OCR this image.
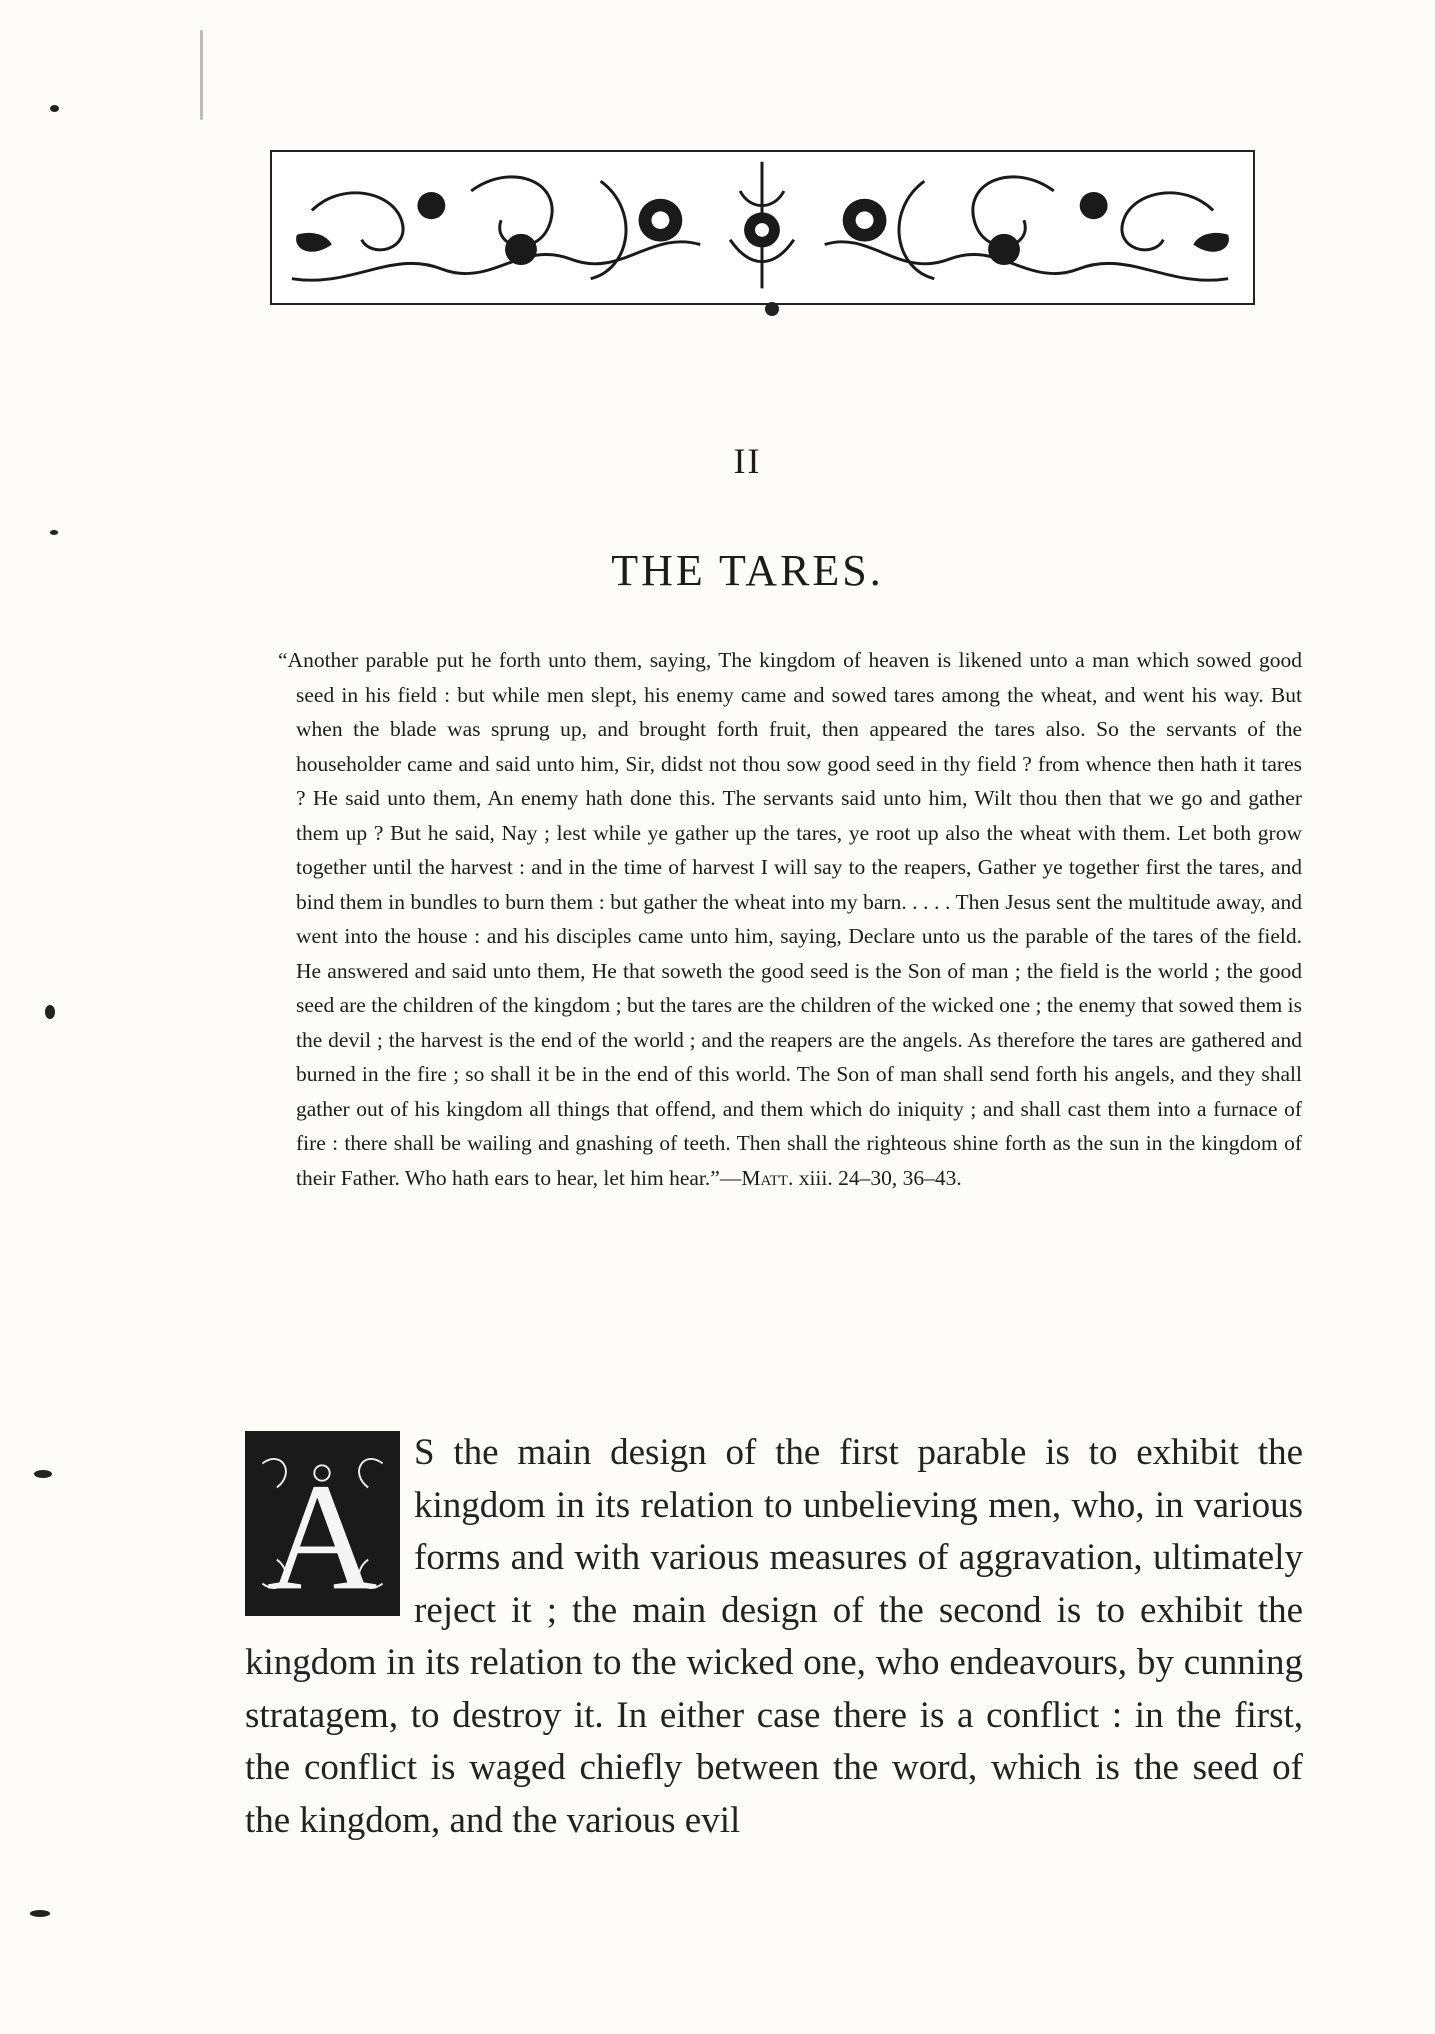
II
THE TARES.
“Another parable put he forth unto them, saying, The kingdom of heaven is likened unto a man which sowed good seed in his field : but while men slept, his enemy came and sowed tares among the wheat, and went his way. But when the blade was sprung up, and brought forth fruit, then appeared the tares also. So the servants of the householder came and said unto him, Sir, didst not thou sow good seed in thy field ? from whence then hath it tares ? He said unto them, An enemy hath done this. The servants said unto him, Wilt thou then that we go and gather them up ? But he said, Nay ; lest while ye gather up the tares, ye root up also the wheat with them. Let both grow together until the harvest : and in the time of harvest I will say to the reapers, Gather ye together first the tares, and bind them in bundles to burn them : but gather the wheat into my barn. . . . . Then Jesus sent the multitude away, and went into the house : and his disciples came unto him, saying, Declare unto us the parable of the tares of the field. He answered and said unto them, He that soweth the good seed is the Son of man ; the field is the world ; the good seed are the children of the kingdom ; but the tares are the children of the wicked one ; the enemy that sowed them is the devil ; the harvest is the end of the world ; and the reapers are the angels. As therefore the tares are gathered and burned in the fire ; so shall it be in the end of this world. The Son of man shall send forth his angels, and they shall gather out of his kingdom all things that offend, and them which do iniquity ; and shall cast them into a furnace of fire : there shall be wailing and gnashing of teeth. Then shall the righteous shine forth as the sun in the kingdom of their Father. Who hath ears to hear, let him hear.”—Matt. xiii. 24–30, 36–43.
A S the main design of the first parable is to exhibit the kingdom in its relation to unbelieving men, who, in various forms and with various measures of aggravation, ultimately reject it ; the main design of the second is to exhibit the kingdom in its relation to the wicked one, who endeavours, by cunning stratagem, to destroy it. In either case there is a conflict : in the first, the conflict is waged chiefly between the word, which is the seed of the kingdom, and the various evil
